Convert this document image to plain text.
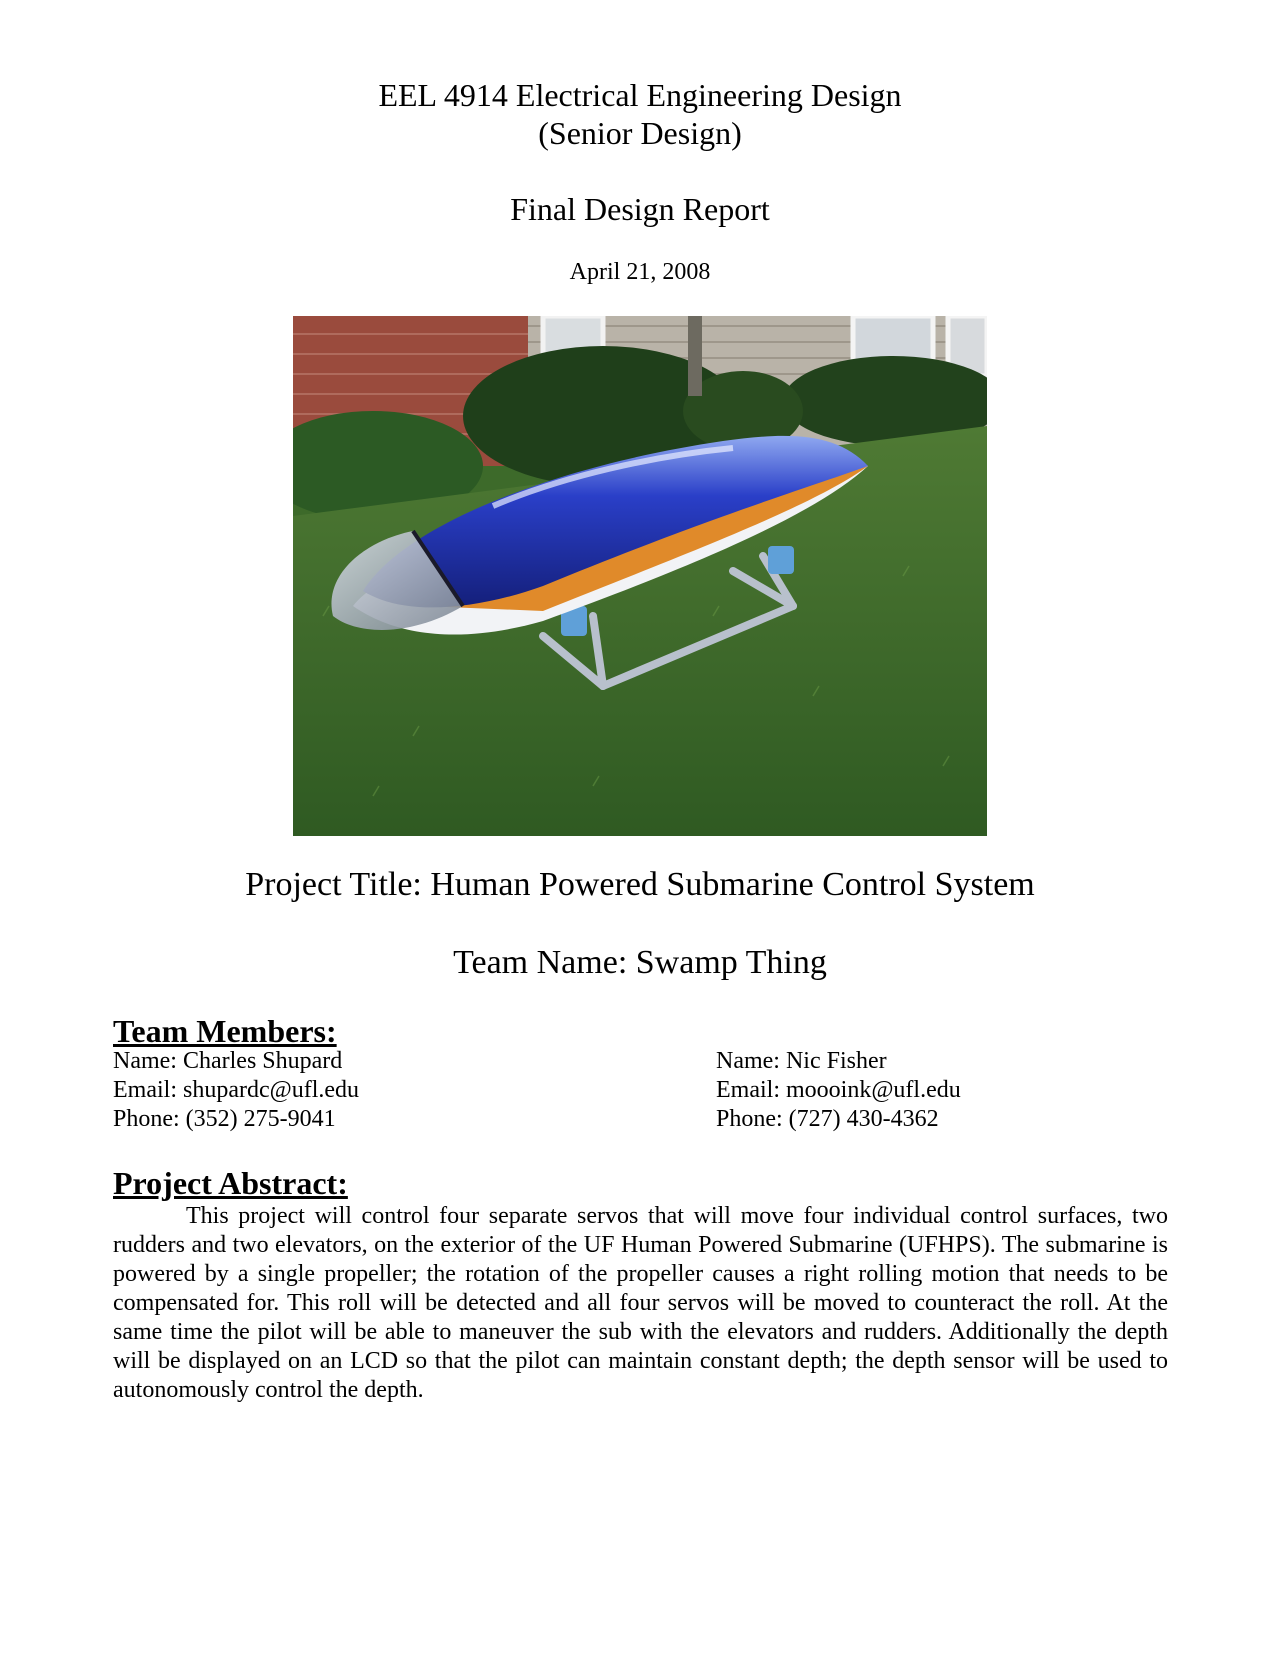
EEL 4914 Electrical Engineering Design
(Senior Design)
Final Design Report
April 21, 2008
Project Title: Human Powered Submarine Control System
Team Name: Swamp Thing
Team Members:
Name: Charles Shupard
Email: shupardc@ufl.edu
Phone: (352) 275-9041
Name: Nic Fisher
Email: moooink@ufl.edu
Phone: (727) 430-4362
Project Abstract:

This project will control four separate servos that will move four individual control surfaces, two rudders and two elevators, on the exterior of the UF Human Powered Submarine (UFHPS). The submarine is powered by a single propeller; the rotation of the propeller causes a right rolling motion that needs to be compensated for. This roll will be detected and all four servos will be moved to counteract the roll. At the same time the pilot will be able to maneuver the sub with the elevators and rudders. Additionally the depth will be displayed on an LCD so that the pilot can maintain constant depth; the depth sensor will be used to autonomously control the depth.
